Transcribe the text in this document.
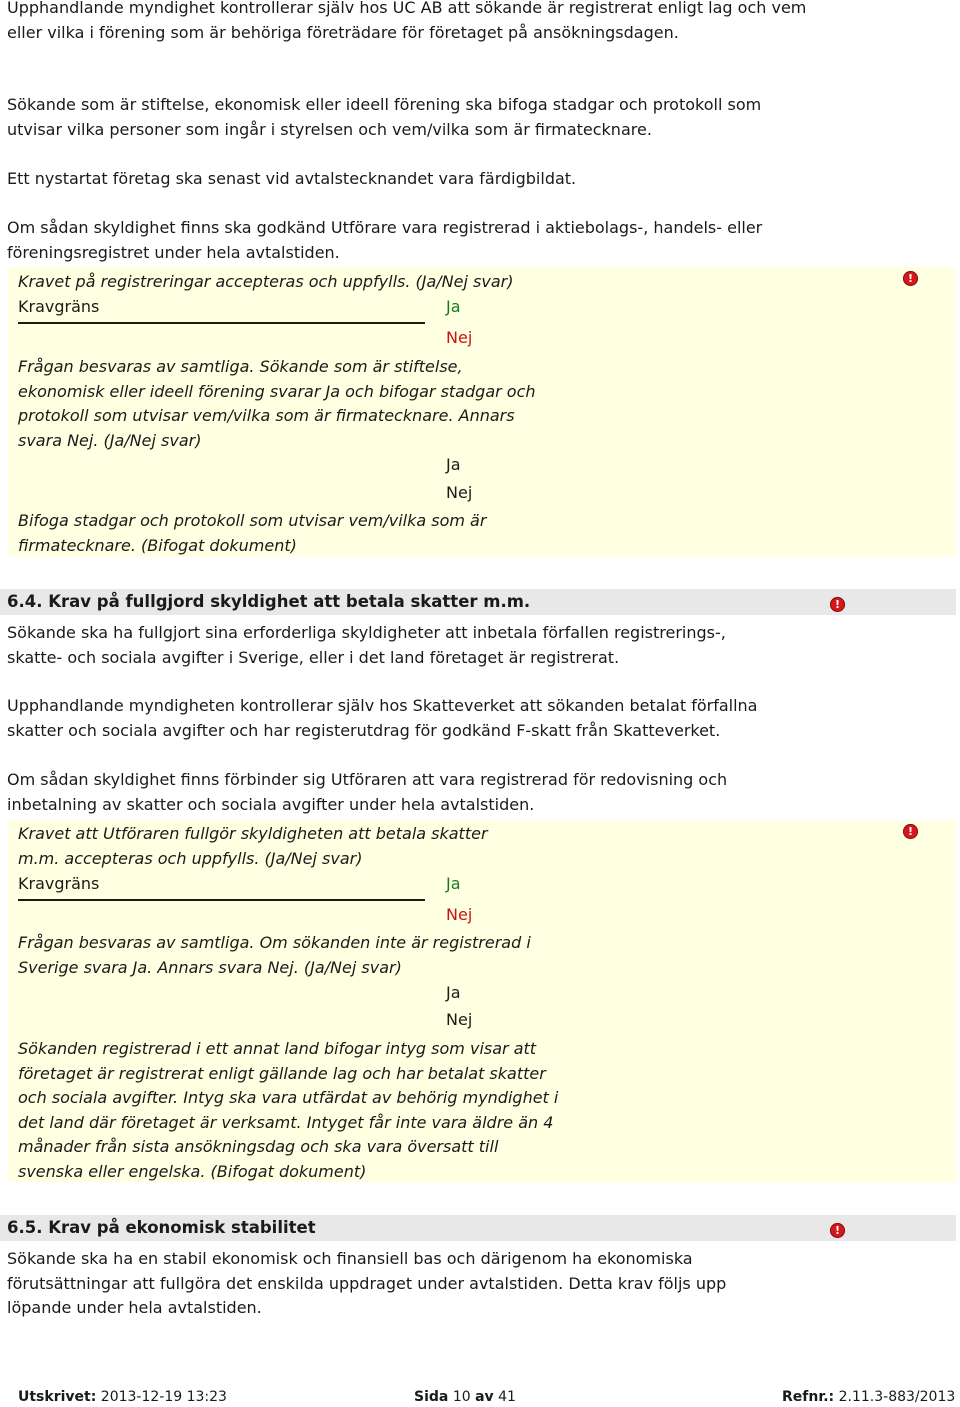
Upphandlande myndighet kontrollerar själv hos UC AB att sökande är registrerat enligt lag och vem eller vilka i förening som är behöriga företrädare för företaget på ansökningsdagen.

Sökande som är stiftelse, ekonomisk eller ideell förening ska bifoga stadgar och protokoll som utvisar vilka personer som ingår i styrelsen och vem/vilka som är firmatecknare.

Ett nystartat företag ska senast vid avtalstecknandet vara färdigbildat.

Om sådan skyldighet finns ska godkänd Utförare vara registrerad i aktiebolags-, handels- eller föreningsregistret under hela avtalstiden.

Kravet på registreringar accepteras och uppfylls. (Ja/Nej svar)

Kravgräns	Ja
Nej

Frågan besvaras av samtliga. Sökande som är stiftelse, ekonomisk eller ideell förening svarar Ja och bifogar stadgar och protokoll som utvisar vem/vilka som är firmatecknare. Annars svara Nej. (Ja/Nej svar)

Ja
Nej

Bifoga stadgar och protokoll som utvisar vem/vilka som är firmatecknare. (Bifogat dokument)

!
6.4. Krav på fullgjord skyldighet att betala skatter m.m.	!

Sökande ska ha fullgjort sina erforderliga skyldigheter att inbetala förfallen registrerings-, skatte- och sociala avgifter i Sverige, eller i det land företaget är registrerat.

Upphandlande myndigheten kontrollerar själv hos Skatteverket att sökanden betalat förfallna skatter och sociala avgifter och har registerutdrag för godkänd F-skatt från Skatteverket.

Om sådan skyldighet finns förbinder sig Utföraren att vara registrerad för redovisning och inbetalning av skatter och sociala avgifter under hela avtalstiden.

Kravet att Utföraren fullgör skyldigheten att betala skatter m.m. accepteras och uppfylls. (Ja/Nej svar)

Kravgräns	Ja
Nej

Frågan besvaras av samtliga. Om sökanden inte är registrerad i Sverige svara Ja. Annars svara Nej. (Ja/Nej svar)

Ja
Nej

Sökanden registrerad i ett annat land bifogar intyg som visar att företaget är registrerat enligt gällande lag och har betalat skatter och sociala avgifter. Intyg ska vara utfärdat av behörig myndighet i det land där företaget är verksamt. Intyget får inte vara äldre än 4 månader från sista ansökningsdag och ska vara översatt till svenska eller engelska. (Bifogat dokument)

!
6.5. Krav på ekonomisk stabilitet	!

Sökande ska ha en stabil ekonomisk och finansiell bas och därigenom ha ekonomiska förutsättningar att fullgöra det enskilda uppdraget under avtalstiden. Detta krav följs upp löpande under hela avtalstiden.

Utskrivet: 2013-12-19 13:23	Sida 10 av 41	Refnr.: 2.11.3-883/2013
